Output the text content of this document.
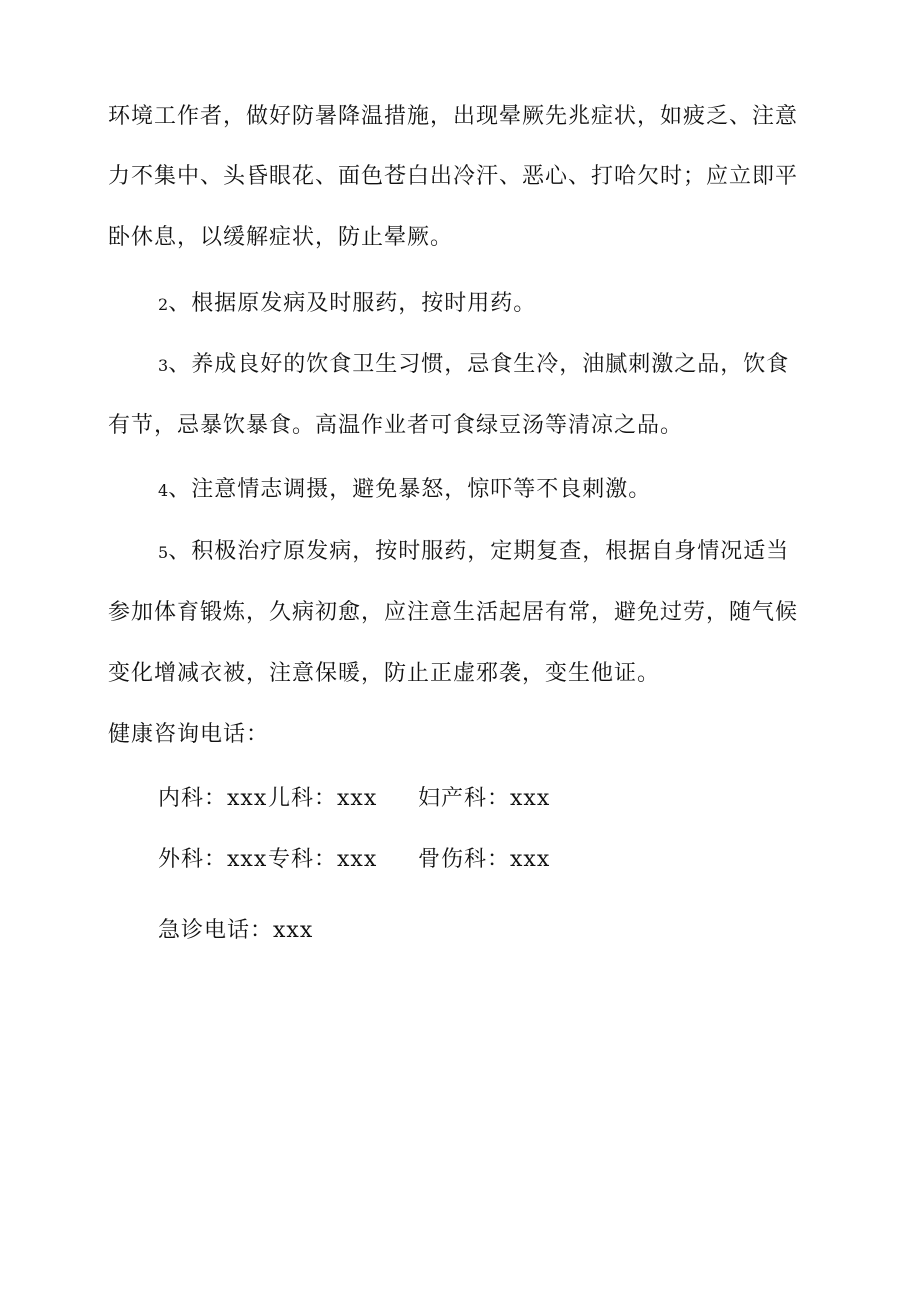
环境工作者，做好防暑降温措施，出现晕厥先兆症状，如疲乏、注意
力不集中、头昏眼花、面色苍白出冷汗、恶心、打哈欠时；应立即平
卧休息，以缓解症状，防止晕厥。
2、根据原发病及时服药，按时用药。
3、养成良好的饮食卫生习惯，忌食生冷，油腻刺激之品，饮食
有节，忌暴饮暴食。高温作业者可食绿豆汤等清凉之品。
4、注意情志调摄，避免暴怒，惊吓等不良刺激。
5、积极治疗原发病，按时服药，定期复查，根据自身情况适当
参加体育锻炼，久病初愈，应注意生活起居有常，避免过劳，随气候
变化增减衣被，注意保暖，防止正虚邪袭，变生他证。
健康咨询电话：
内科：xxx 儿科：xxx 妇产科：xxx
外科：xxx 专科：xxx 骨伤科：xxx
急诊电话：xxx
